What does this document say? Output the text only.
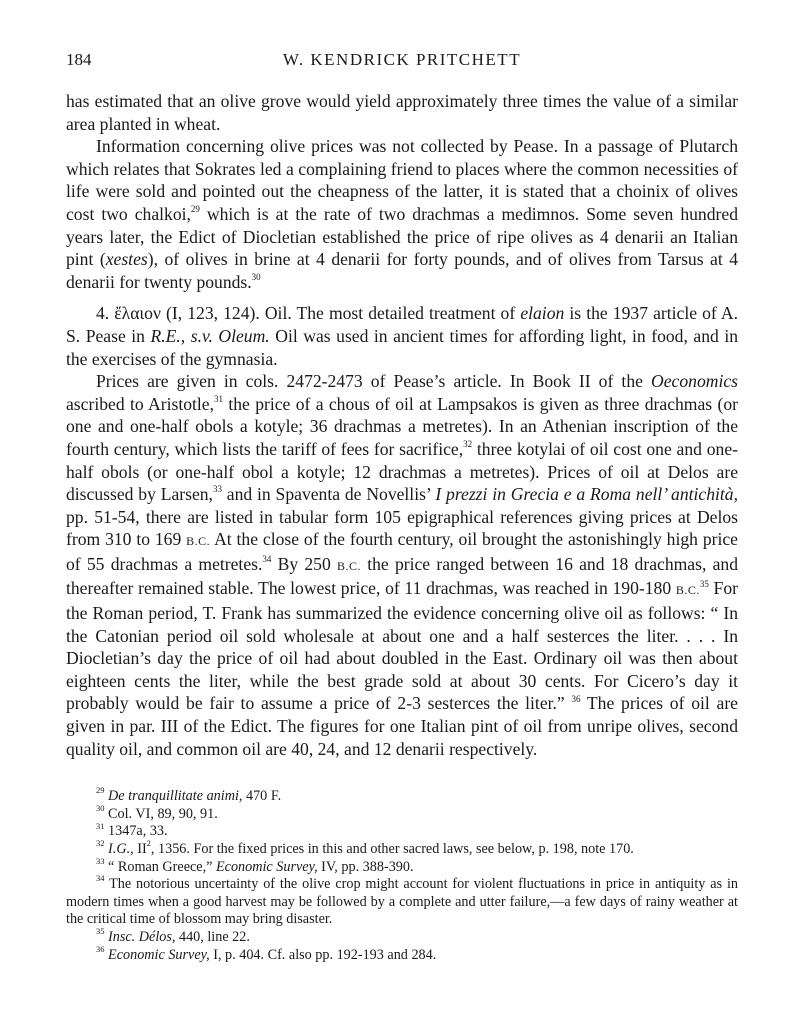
184	W. KENDRICK PRITCHETT

has estimated that an olive grove would yield approximately three times the value of a similar area planted in wheat.

Information concerning olive prices was not collected by Pease. In a passage of Plutarch which relates that Sokrates led a complaining friend to places where the common necessities of life were sold and pointed out the cheapness of the latter, it is stated that a choinix of olives cost two chalkoi,$^{29}$ which is at the rate of two drachmas a medimnos. Some seven hundred years later, the Edict of Diocletian established the price of ripe olives as 4 denarii an Italian pint (xestes), of olives in brine at 4 denarii for forty pounds, and of olives from Tarsus at 4 denarii for twenty pounds.$^{30}$

4. ἔλαιον (I, 123, 124). Oil. The most detailed treatment of elaion is the 1937 article of A. S. Pease in R.E., s.v. Oleum. Oil was used in ancient times for affording light, in food, and in the exercises of the gymnasia.

Prices are given in cols. 2472-2473 of Pease’s article. In Book II of the Oeconomics ascribed to Aristotle,$^{31}$ the price of a chous of oil at Lampsakos is given as three drachmas (or one and one-half obols a kotyle; 36 drachmas a metretes). In an Athenian inscription of the fourth century, which lists the tariff of fees for sacrifice,$^{32}$ three kotylai of oil cost one and one-half obols (or one-half obol a kotyle; 12 drachmas a metretes). Prices of oil at Delos are discussed by Larsen,$^{33}$ and in Spaventa de Novellis’ I prezzi in Grecia e a Roma nell’ antichità, pp. 51-54, there are listed in tabular form 105 epigraphical references giving prices at Delos from 310 to 169 B.C. At the close of the fourth century, oil brought the astonishingly high price of 55 drachmas a metretes.$^{34}$ By 250 B.C. the price ranged between 16 and 18 drachmas, and thereafter remained stable. The lowest price, of 11 drachmas, was reached in 190-180 B.C.$^{35}$ For the Roman period, T. Frank has summarized the evidence concerning olive oil as follows: “ In the Catonian period oil sold wholesale at about one and a half sesterces the liter. . . . In Diocletian’s day the price of oil had about doubled in the East. Ordinary oil was then about eighteen cents the liter, while the best grade sold at about 30 cents. For Cicero’s day it probably would be fair to assume a price of 2-3 sesterces the liter.” $^{36}$ The prices of oil are given in par. III of the Edict. The figures for one Italian pint of oil from unripe olives, second quality oil, and common oil are 40, 24, and 12 denarii respectively.

$^{29}$ De tranquillitate animi, 470 F.
$^{30}$ Col. VI, 89, 90, 91.
$^{31}$ 1347a, 33.
$^{32}$ I.G., $II^2$, 1356. For the fixed prices in this and other sacred laws, see below, p. 198, note 170.
$^{33}$ “ Roman Greece,” Economic Survey, IV, pp. 388-390.
$^{34}$ The notorious uncertainty of the olive crop might account for violent fluctuations in price in antiquity as in modern times when a good harvest may be followed by a complete and utter failure,—a few days of rainy weather at the critical time of blossom may bring disaster.
$^{35}$ Insc. Délos, 440, line 22.
$^{36}$ Economic Survey, I, p. 404. Cf. also pp. 192-193 and 284.
